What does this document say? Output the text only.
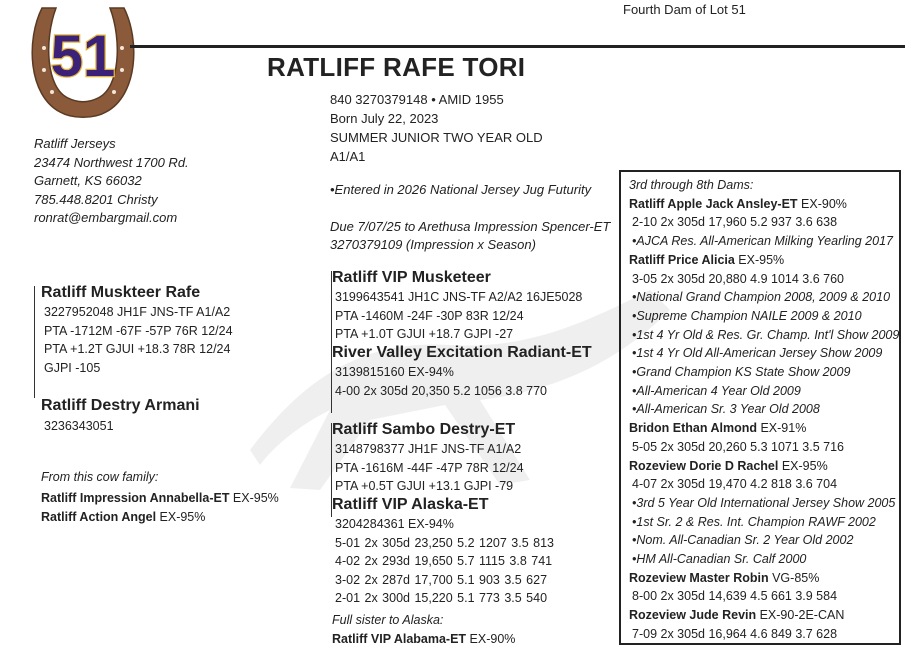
51
Fourth Dam of Lot 51
RATLIFF RAFE TORI
840 3270379148 • AMID 1955
Born July 22, 2023
SUMMER JUNIOR TWO YEAR OLD
A1/A1
•Entered in 2026 National Jersey Jug Futurity
Due 7/07/25 to Arethusa Impression Spencer-ET
3270379109 (Impression x Season)
Ratliff Jerseys
23474 Northwest 1700 Rd.
Garnett, KS 66032
785.448.8201 Christy
ronrat@embargmail.com
Ratliff Muskteer Rafe
3227952048 JH1F JNS-TF A1/A2
PTA -1712M -67F -57P 76R 12/24
PTA +1.2T GJUI +18.3 78R 12/24
GJPI -105
Ratliff Destry Armani
3236343051
Ratliff VIP Musketeer
3199643541 JH1C JNS-TF A2/A2 16JE5028
PTA -1460M -24F -30P 83R 12/24
PTA +1.0T GJUI +18.7 GJPI -27
River Valley Excitation Radiant-ET
3139815160 EX-94%
4-00 2x 305d 20,350 5.2 1056 3.8 770
Ratliff Sambo Destry-ET
3148798377 JH1F JNS-TF A1/A2
PTA -1616M -44F -47P 78R 12/24
PTA +0.5T GJUI +13.1 GJPI -79
Ratliff VIP Alaska-ET
3204284361 EX-94%
5-01 2x 305d 23,250 5.2 1207 3.5 813
4-02 2x 293d 19,650 5.7 1115 3.8 741
3-02 2x 287d 17,700 5.1 903 3.5 627
2-01 2x 300d 15,220 5.1 773 3.5 540
Full sister to Alaska:
Ratliff VIP Alabama-ET EX-90%
From this cow family:
Ratliff Impression Annabella-ET EX-95%
Ratliff Action Angel EX-95%
3rd through 8th Dams:
Ratliff Apple Jack Ansley-ET EX-90%
2-10 2x 305d 17,960 5.2 937 3.6 638
•AJCA Res. All-American Milking Yearling 2017
Ratliff Price Alicia EX-95%
3-05 2x 305d 20,880 4.9 1014 3.6 760
•National Grand Champion 2008, 2009 & 2010
•Supreme Champion NAILE 2009 & 2010
•1st 4 Yr Old & Res. Gr. Champ. Int'l Show 2009
•1st 4 Yr Old All-American Jersey Show 2009
•Grand Champion KS State Show 2009
•All-American 4 Year Old 2009
•All-American Sr. 3 Year Old 2008
Bridon Ethan Almond EX-91%
5-05 2x 305d 20,260 5.3 1071 3.5 716
Rozeview Dorie D Rachel EX-95%
4-07 2x 305d 19,470 4.2 818 3.6 704
•3rd 5 Year Old International Jersey Show 2005
•1st Sr. 2 & Res. Int. Champion RAWF 2002
•Nom. All-Canadian Sr. 2 Year Old 2002
•HM All-Canadian Sr. Calf 2000
Rozeview Master Robin VG-85%
8-00 2x 305d 14,639 4.5 661 3.9 584
Rozeview Jude Revin EX-90-2E-CAN
7-09 2x 305d 16,964 4.6 849 3.7 628
